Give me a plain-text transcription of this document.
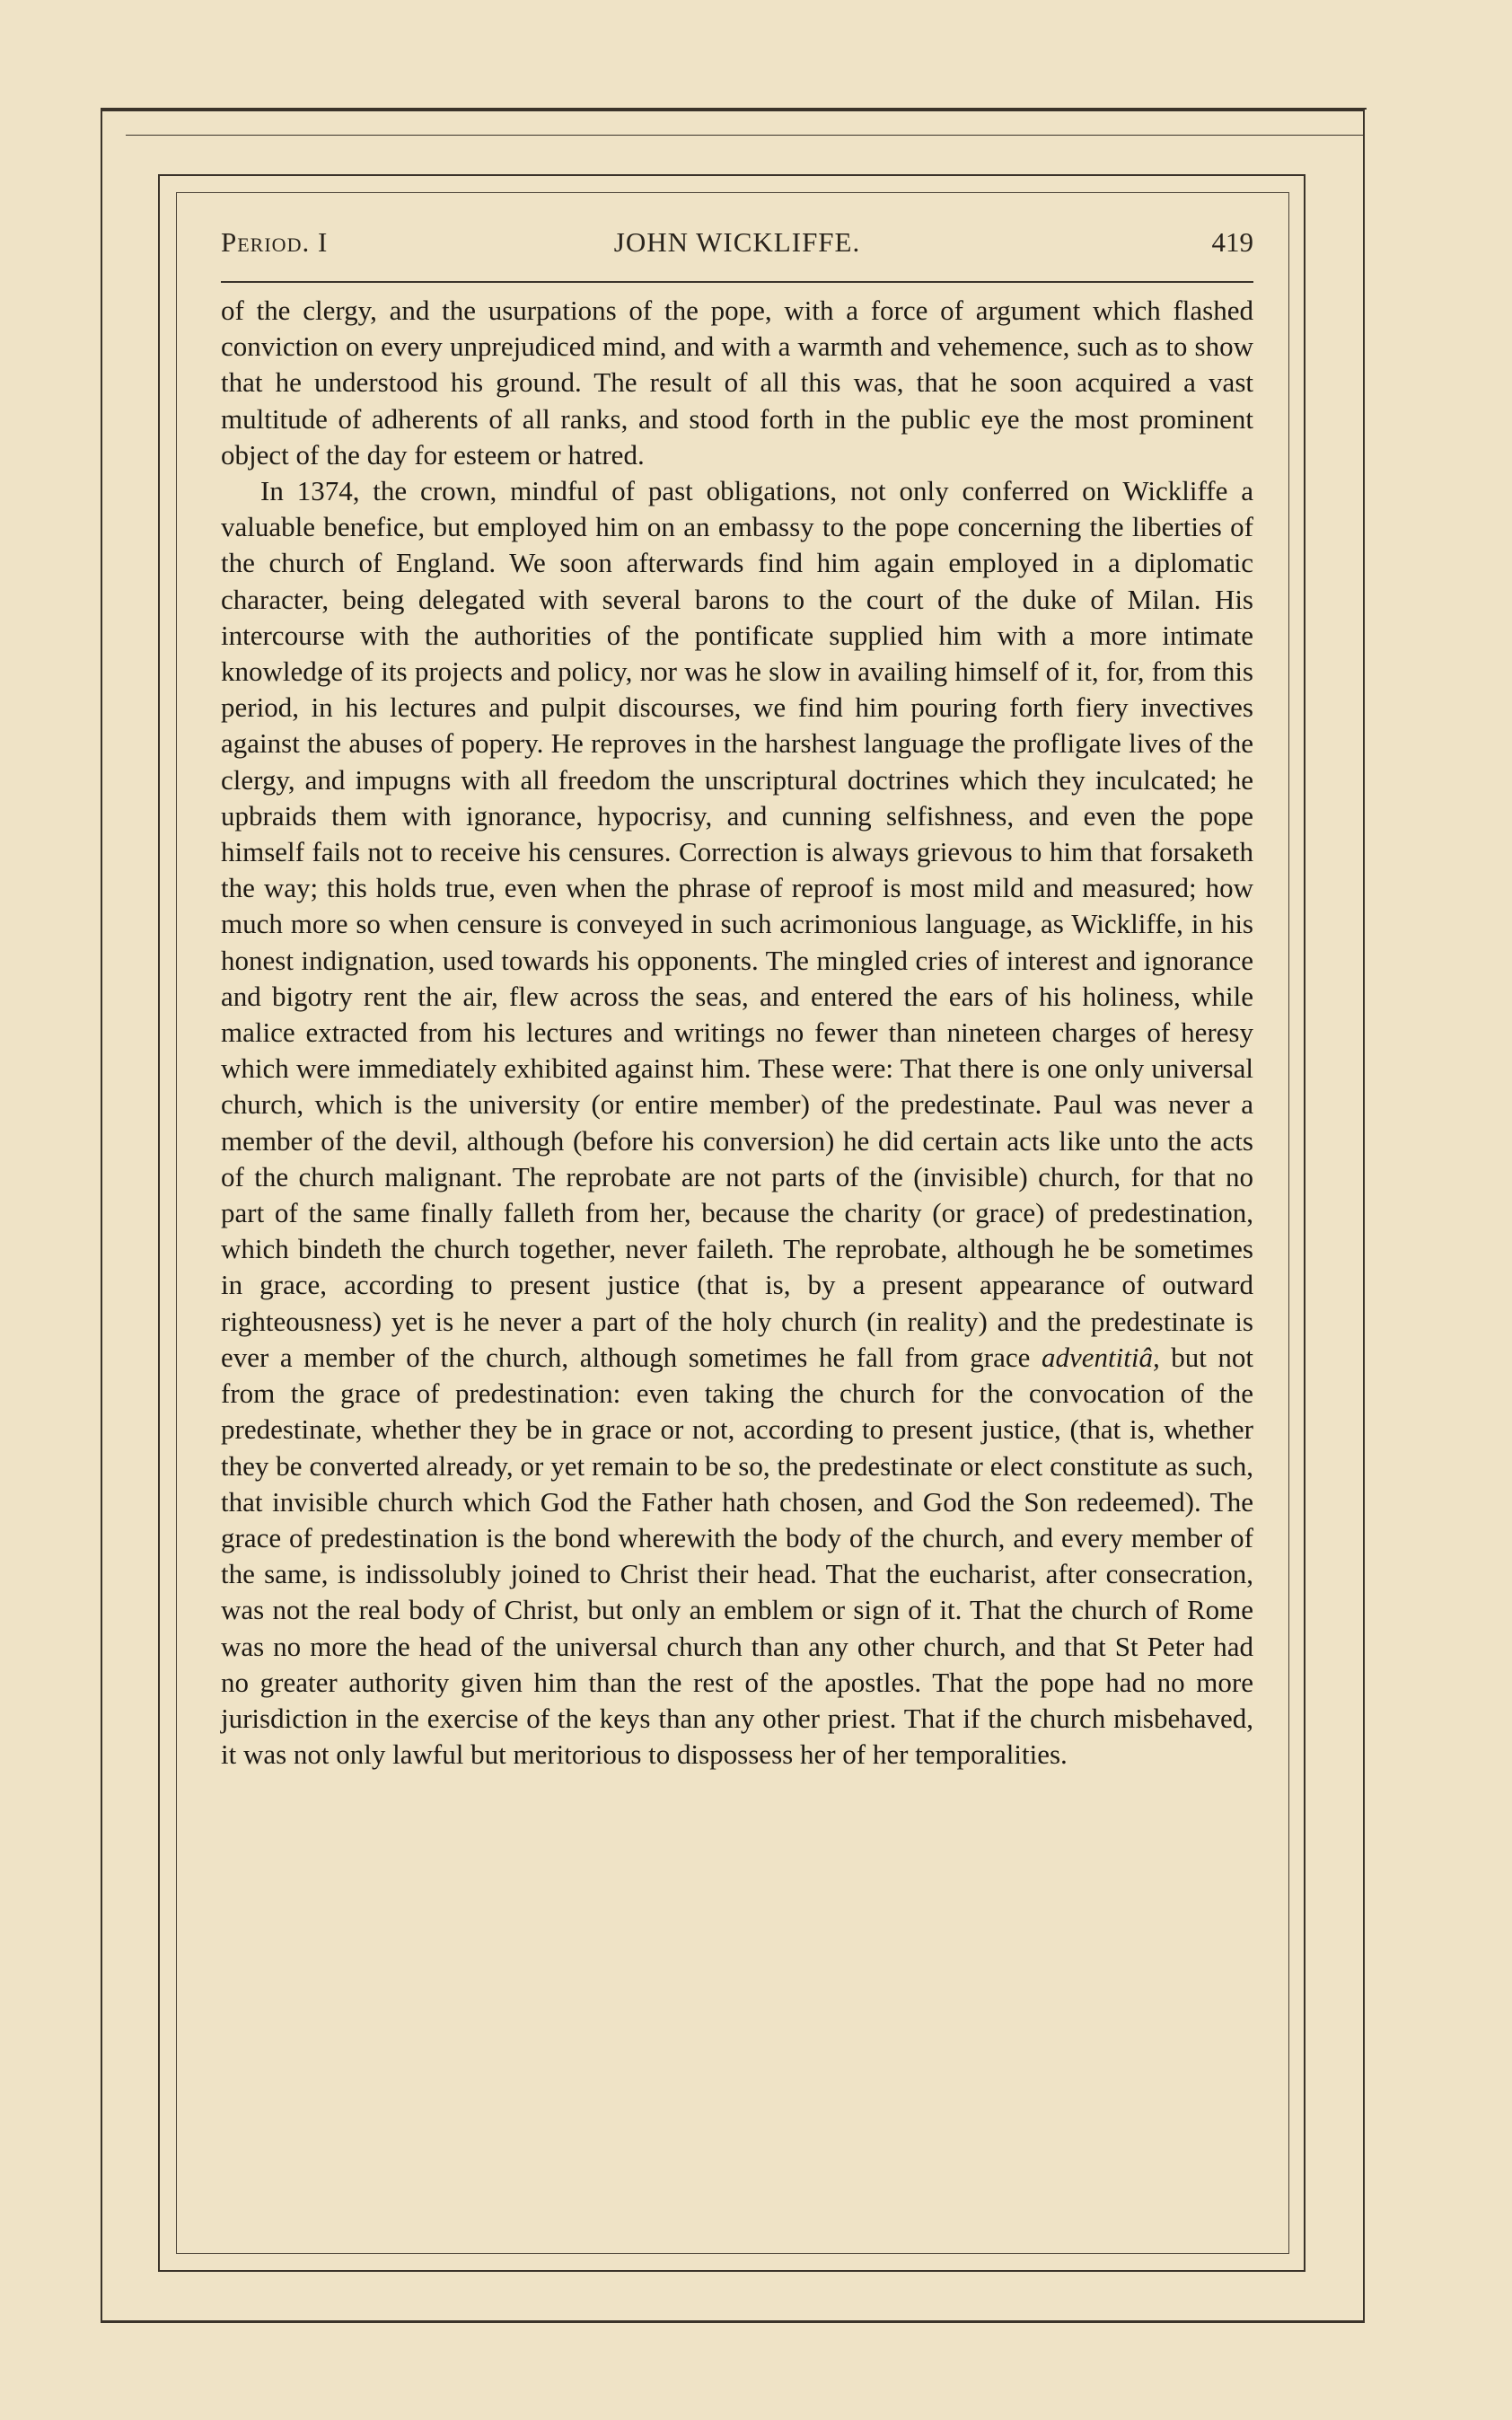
Period. I	JOHN WICKLIFFE.	419

of the clergy, and the usurpations of the pope, with a force of argument which flashed conviction on every unprejudiced mind, and with a warmth and vehemence, such as to show that he understood his ground. The result of all this was, that he soon acquired a vast multitude of adherents of all ranks, and stood forth in the public eye the most prominent object of the day for esteem or hatred.

In 1374, the crown, mindful of past obligations, not only conferred on Wickliffe a valuable benefice, but employed him on an embassy to the pope concerning the liberties of the church of England. We soon afterwards find him again employed in a diplomatic character, being delegated with several barons to the court of the duke of Milan. His intercourse with the authorities of the pontificate supplied him with a more intimate knowledge of its projects and policy, nor was he slow in availing himself of it, for, from this period, in his lectures and pulpit discourses, we find him pouring forth fiery invectives against the abuses of popery. He reproves in the harshest language the profligate lives of the clergy, and impugns with all freedom the unscriptural doctrines which they inculcated; he upbraids them with ignorance, hypocrisy, and cunning selfishness, and even the pope himself fails not to receive his censures. Correction is always grievous to him that forsaketh the way; this holds true, even when the phrase of reproof is most mild and measured; how much more so when censure is conveyed in such acrimonious language, as Wickliffe, in his honest indignation, used towards his opponents. The mingled cries of interest and ignorance and bigotry rent the air, flew across the seas, and entered the ears of his holiness, while malice extracted from his lectures and writings no fewer than nineteen charges of heresy which were immediately exhibited against him. These were: That there is one only universal church, which is the university (or entire member) of the predestinate. Paul was never a member of the devil, although (before his conversion) he did certain acts like unto the acts of the church malignant. The reprobate are not parts of the (invisible) church, for that no part of the same finally falleth from her, because the charity (or grace) of predestination, which bindeth the church together, never faileth. The reprobate, although he be sometimes in grace, according to present justice (that is, by a present appearance of outward righteousness) yet is he never a part of the holy church (in reality) and the predestinate is ever a member of the church, although sometimes he fall from grace adventitiâ, but not from the grace of predestination: even taking the church for the convocation of the predestinate, whether they be in grace or not, according to present justice, (that is, whether they be converted already, or yet remain to be so, the predestinate or elect constitute as such, that invisible church which God the Father hath chosen, and God the Son redeemed). The grace of predestination is the bond wherewith the body of the church, and every member of the same, is indissolubly joined to Christ their head. That the eucharist, after consecration, was not the real body of Christ, but only an emblem or sign of it. That the church of Rome was no more the head of the universal church than any other church, and that St Peter had no greater authority given him than the rest of the apostles. That the pope had no more jurisdiction in the exercise of the keys than any other priest. That if the church misbehaved, it was not only lawful but meritorious to dispossess her of her temporalities.
